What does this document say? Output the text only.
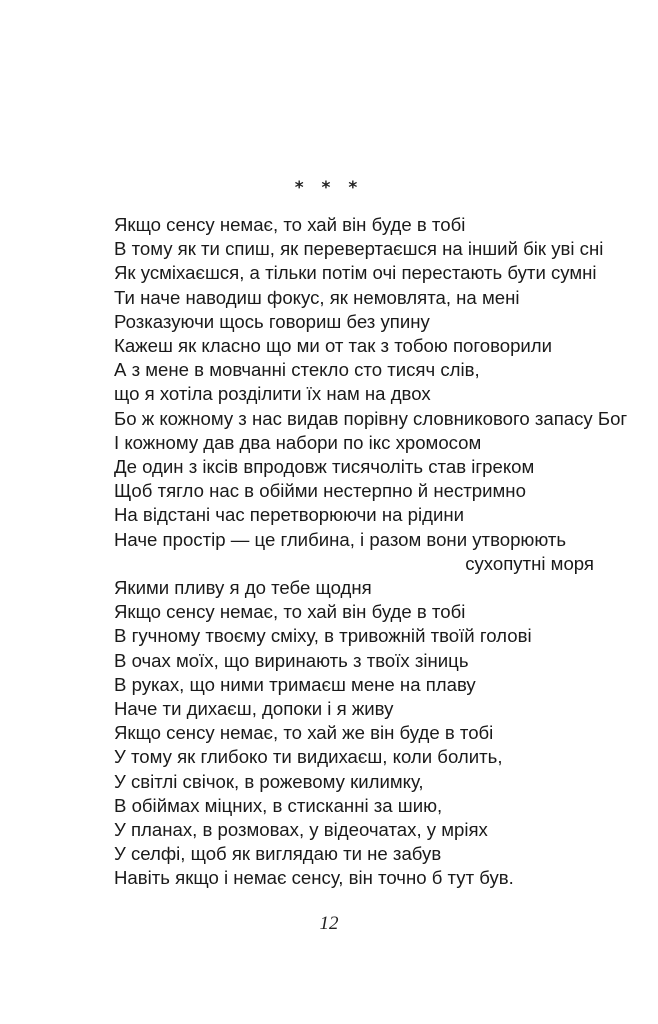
* * *
Якщо сенсу немає, то хай він буде в тобі
В тому як ти спиш, як перевертаєшся на інший бік уві сні
Як усміхаєшся, а тільки потім очі перестають бути сумні
Ти наче наводиш фокус, як немовлята, на мені
Розказуючи щось говориш без упину
Кажеш як класно що ми от так з тобою поговорили
А з мене в мовчанні стекло сто тисяч слів,
що я хотіла розділити їх нам на двох
Бо ж кожному з нас видав порівну словникового запасу Бог
І кожному дав два набори по ікс хромосом
Де один з іксів впродовж тисячоліть став ігреком
Щоб тягло нас в обійми нестерпно й нестримно
На відстані час перетворюючи на рідини
Наче простір — це глибина, і разом вони утворюють
сухопутні моря
Якими пливу я до тебе щодня
Якщо сенсу немає, то хай він буде в тобі
В гучному твоєму сміху, в тривожній твоїй голові
В очах моїх, що виринають з твоїх зіниць
В руках, що ними тримаєш мене на плаву
Наче ти дихаєш, допоки і я живу
Якщо сенсу немає, то хай же він буде в тобі
У тому як глибоко ти видихаєш, коли болить,
У світлі свічок, в рожевому килимку,
В обіймах міцних, в стисканні за шию,
У планах, в розмовах, у відеочатах, у мріях
У селфі, щоб як виглядаю ти не забув
Навіть якщо і немає сенсу, він точно б тут був.
12
